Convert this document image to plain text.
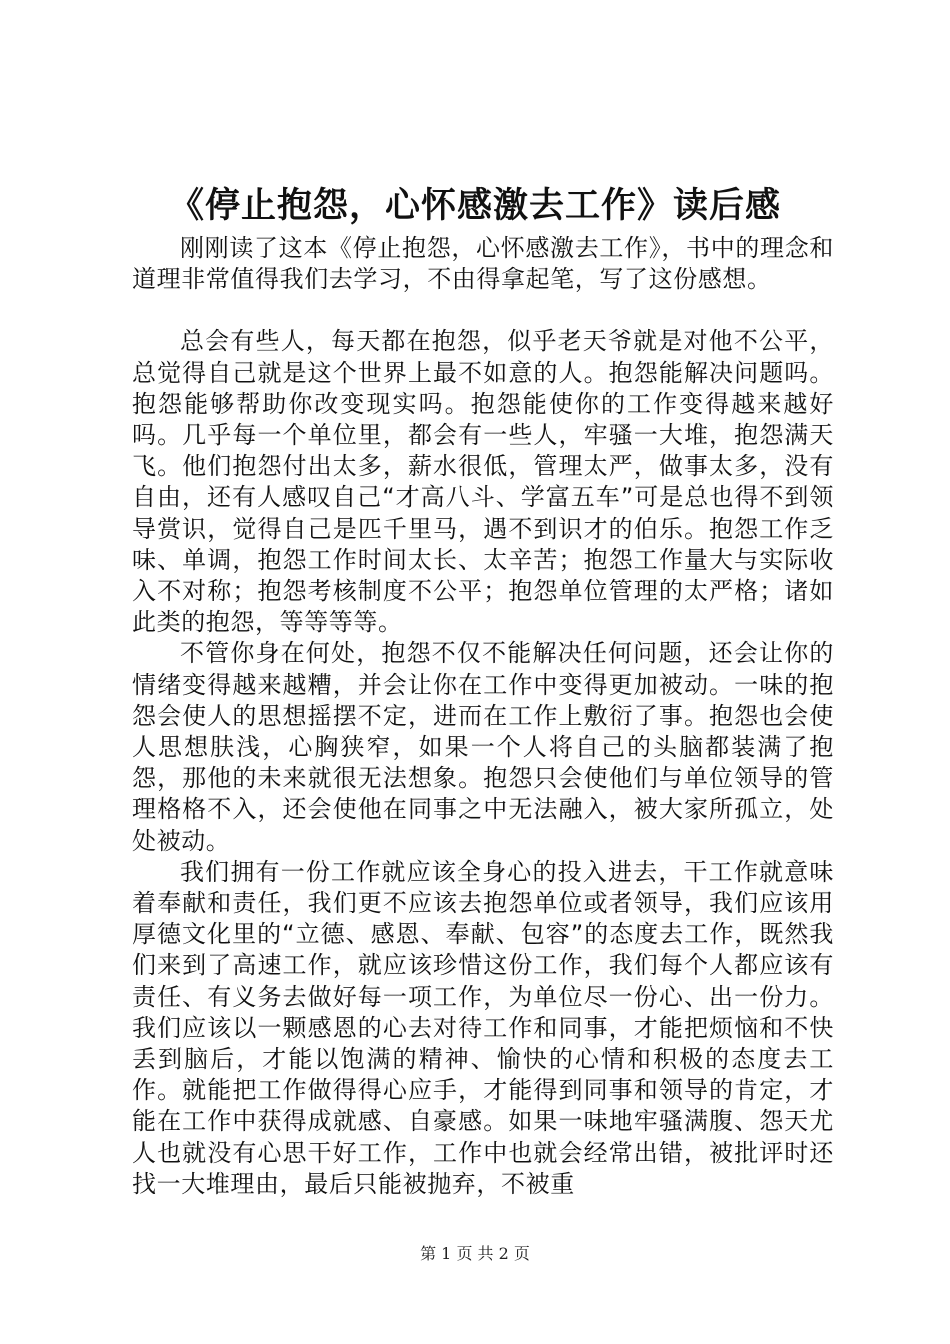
《停止抱怨，心怀感激去工作》读后感

刚刚读了这本《停止抱怨，心怀感激去工作》，书中的理念和道理非常值得我们去学习，不由得拿起笔，写了这份感想。

总会有些人，每天都在抱怨，似乎老天爷就是对他不公平，总觉得自己就是这个世界上最不如意的人。抱怨能解决问题吗。抱怨能够帮助你改变现实吗。抱怨能使你的工作变得越来越好吗。几乎每一个单位里，都会有一些人，牢骚一大堆，抱怨满天飞。他们抱怨付出太多，薪水很低，管理太严，做事太多，没有自由，还有人感叹自己“才高八斗、学富五车”可是总也得不到领导赏识，觉得自己是匹千里马，遇不到识才的伯乐。抱怨工作乏味、单调，抱怨工作时间太长、太辛苦；抱怨工作量大与实际收入不对称；抱怨考核制度不公平；抱怨单位管理的太严格；诸如此类的抱怨，等等等等。

不管你身在何处，抱怨不仅不能解决任何问题，还会让你的情绪变得越来越糟，并会让你在工作中变得更加被动。一味的抱怨会使人的思想摇摆不定，进而在工作上敷衍了事。抱怨也会使人思想肤浅，心胸狭窄，如果一个人将自己的头脑都装满了抱怨，那他的未来就很无法想象。抱怨只会使他们与单位领导的管理格格不入，还会使他在同事之中无法融入，被大家所孤立，处处被动。

我们拥有一份工作就应该全身心的投入进去，干工作就意味着奉献和责任，我们更不应该去抱怨单位或者领导，我们应该用厚德文化里的“立德、感恩、奉献、包容”的态度去工作，既然我们来到了高速工作，就应该珍惜这份工作，我们每个人都应该有责任、有义务去做好每一项工作，为单位尽一份心、出一份力。我们应该以一颗感恩的心去对待工作和同事，才能把烦恼和不快丢到脑后，才能以饱满的精神、愉快的心情和积极的态度去工作。就能把工作做得得心应手，才能得到同事和领导的肯定，才能在工作中获得成就感、自豪感。如果一味地牢骚满腹、怨天尤人也就没有心思干好工作，工作中也就会经常出错，被批评时还找一大堆理由，最后只能被抛弃，不被重

第 1 页 共 2 页
